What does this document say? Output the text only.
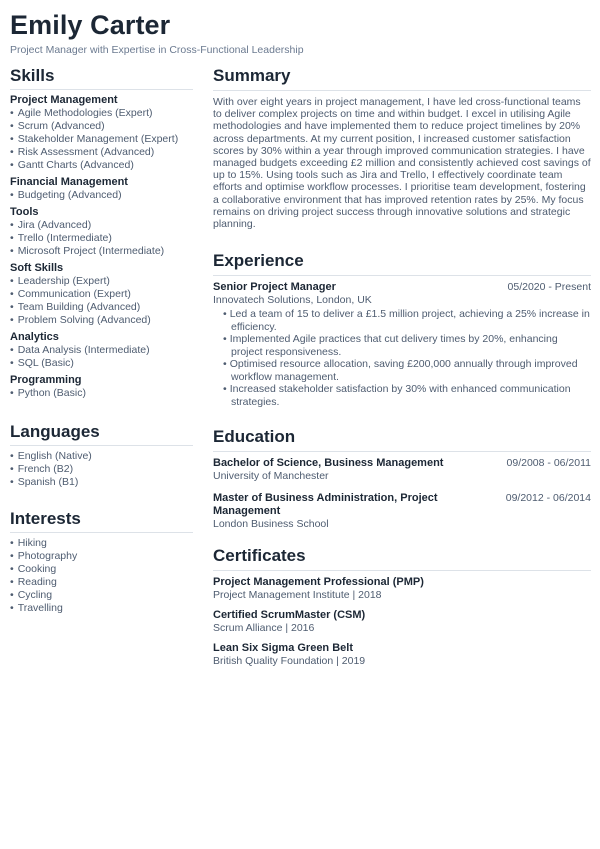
Emily Carter
Project Manager with Expertise in Cross-Functional Leadership
Skills
Project Management
• Agile Methodologies (Expert)
• Scrum (Advanced)
• Stakeholder Management (Expert)
• Risk Assessment (Advanced)
• Gantt Charts (Advanced)
Financial Management
• Budgeting (Advanced)
Tools
• Jira (Advanced)
• Trello (Intermediate)
• Microsoft Project (Intermediate)
Soft Skills
• Leadership (Expert)
• Communication (Expert)
• Team Building (Advanced)
• Problem Solving (Advanced)
Analytics
• Data Analysis (Intermediate)
• SQL (Basic)
Programming
• Python (Basic)
Languages
• English (Native)
• French (B2)
• Spanish (B1)
Interests
• Hiking
• Photography
• Cooking
• Reading
• Cycling
• Travelling
Summary

With over eight years in project management, I have led cross-functional teams to deliver complex projects on time and within budget. I excel in utilising Agile methodologies and have implemented them to reduce project timelines by 20% across departments. At my current position, I increased customer satisfaction scores by 30% within a year through improved communication strategies. I have managed budgets exceeding £2 million and consistently achieved cost savings of up to 15%. Using tools such as Jira and Trello, I effectively coordinate team efforts and optimise workflow processes. I prioritise team development, fostering a collaborative environment that has improved retention rates by 25%. My focus remains on driving project success through innovative solutions and strategic planning.

Experience
Senior Project Manager	05/2020 - Present
Innovatech Solutions, London, UK
• Led a team of 15 to deliver a £1.5 million project, achieving a 25% increase in efficiency.
• Implemented Agile practices that cut delivery times by 20%, enhancing project responsiveness.
• Optimised resource allocation, saving £200,000 annually through improved workflow management.
• Increased stakeholder satisfaction by 30% with enhanced communication strategies.
Education
Bachelor of Science, Business Management	09/2008 - 06/2011
University of Manchester
Master of Business Administration, Project Management
09/2012 - 06/2014
London Business School
Certificates
Project Management Professional (PMP)
Project Management Institute | 2018
Certified ScrumMaster (CSM)
Scrum Alliance | 2016
Lean Six Sigma Green Belt
British Quality Foundation | 2019
